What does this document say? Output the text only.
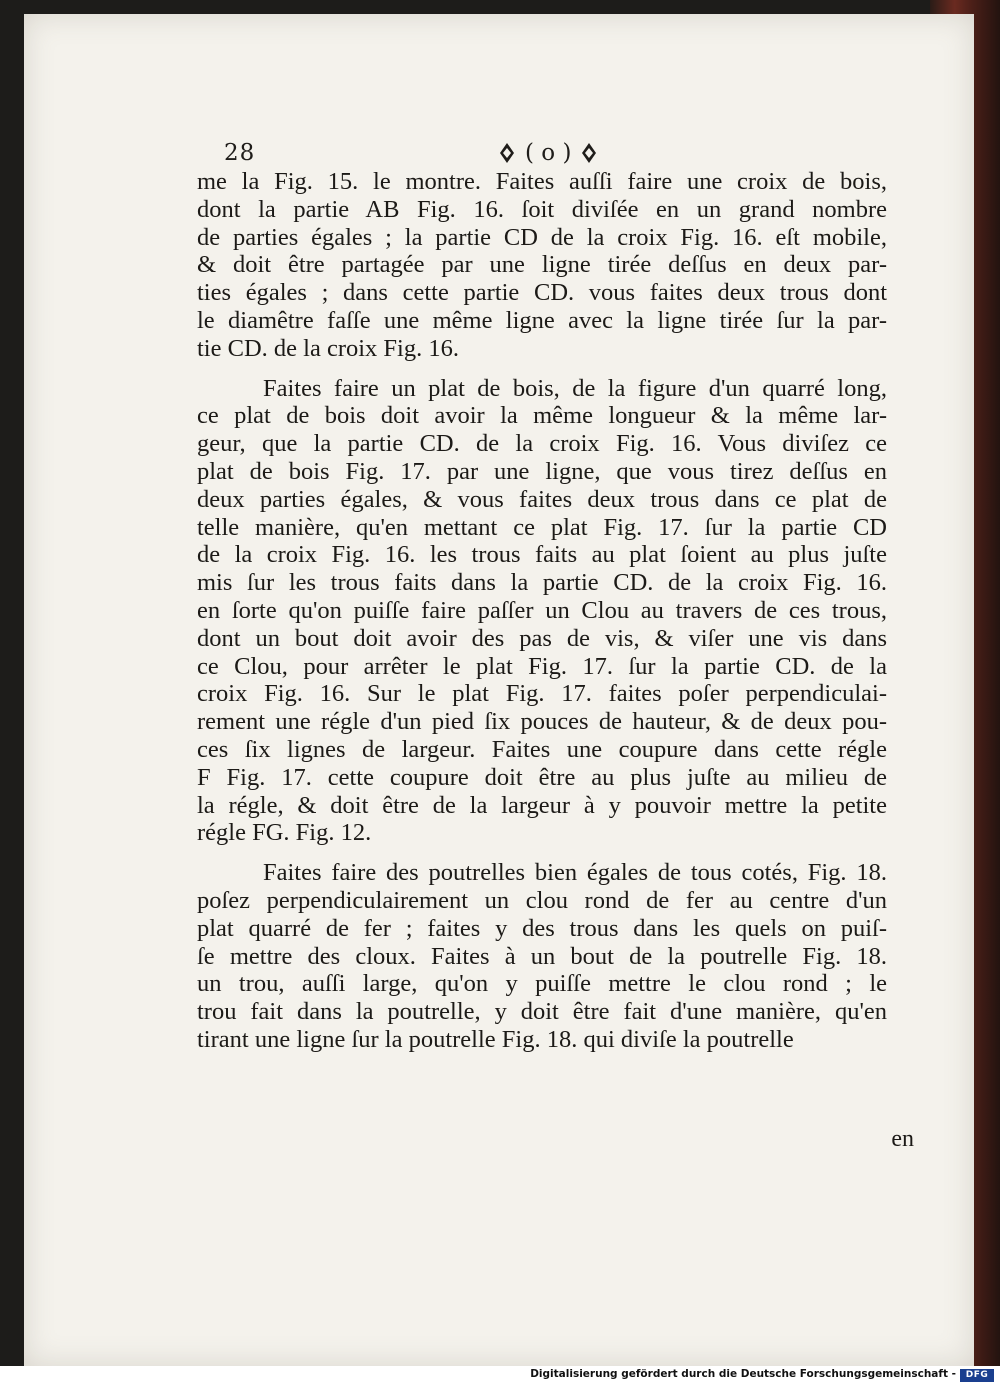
28	( o )
me la Fig. 15. le montre. Faites auſſi faire une croix de bois,
dont la partie AB Fig. 16. ſoit diviſée en un grand nombre
de parties égales ; la partie CD de la croix Fig. 16. eſt mobile,
& doit être partagée par une ligne tirée deſſus en deux par-
ties égales ; dans cette partie CD. vous faites deux trous dont
le diamêtre faſſe une même ligne avec la ligne tirée ſur la par-
tie CD. de la croix Fig. 16.
Faites faire un plat de bois, de la figure d'un quarré long,
ce plat de bois doit avoir la même longueur & la même lar-
geur, que la partie CD. de la croix Fig. 16. Vous diviſez ce
plat de bois Fig. 17. par une ligne, que vous tirez deſſus en
deux parties égales, & vous faites deux trous dans ce plat de
telle manière, qu'en mettant ce plat Fig. 17. ſur la partie CD
de la croix Fig. 16. les trous faits au plat ſoient au plus juſte
mis ſur les trous faits dans la partie CD. de la croix Fig. 16.
en ſorte qu'on puiſſe faire paſſer un Clou au travers de ces trous,
dont un bout doit avoir des pas de vis, & viſer une vis dans
ce Clou, pour arrêter le plat Fig. 17. ſur la partie CD. de la
croix Fig. 16. Sur le plat Fig. 17. faites poſer perpendiculai-
rement une régle d'un pied ſix pouces de hauteur, & de deux pou-
ces ſix lignes de largeur. Faites une coupure dans cette régle
F Fig. 17. cette coupure doit être au plus juſte au milieu de
la régle, & doit être de la largeur à y pouvoir mettre la petite
régle FG. Fig. 12.
Faites faire des poutrelles bien égales de tous cotés, Fig. 18.
poſez perpendiculairement un clou rond de fer au centre d'un
plat quarré de fer ; faites y des trous dans les quels on puiſ-
ſe mettre des cloux. Faites à un bout de la poutrelle Fig. 18.
un trou, auſſi large, qu'on y puiſſe mettre le clou rond ; le
trou fait dans la poutrelle, y doit être fait d'une manière, qu'en
tirant une ligne ſur la poutrelle Fig. 18. qui diviſe la poutrelle
en
Digitalisierung gefördert durch die Deutsche Forschungsgemeinschaft -	DFG
